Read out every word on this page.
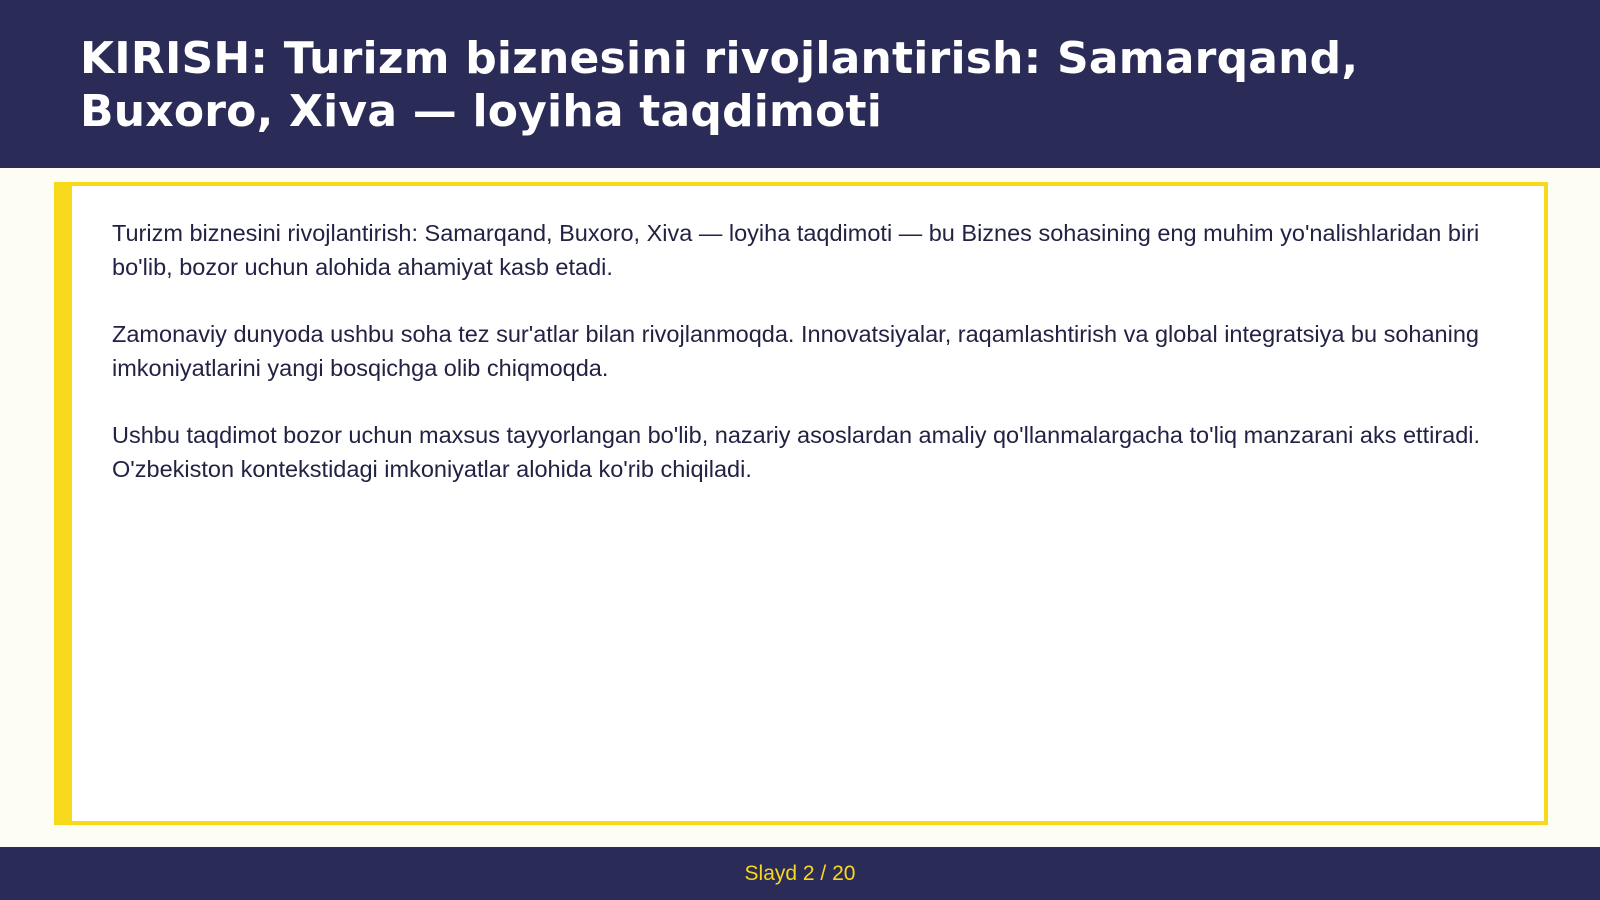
KIRISH: Turizm biznesini rivojlantirish: Samarqand, Buxoro, Xiva — loyiha taqdimoti

Turizm biznesini rivojlantirish: Samarqand, Buxoro, Xiva — loyiha taqdimoti — bu Biznes sohasining eng muhim yo'nalishlaridan biri bo'lib, bozor uchun alohida ahamiyat kasb etadi.

Zamonaviy dunyoda ushbu soha tez sur'atlar bilan rivojlanmoqda. Innovatsiyalar, raqamlashtirish va global integratsiya bu sohaning imkoniyatlarini yangi bosqichga olib chiqmoqda.

Ushbu taqdimot bozor uchun maxsus tayyorlangan bo'lib, nazariy asoslardan amaliy qo'llanmalargacha to'liq manzarani aks ettiradi. O'zbekiston kontekstidagi imkoniyatlar alohida ko'rib chiqiladi.

Slayd 2 / 20
